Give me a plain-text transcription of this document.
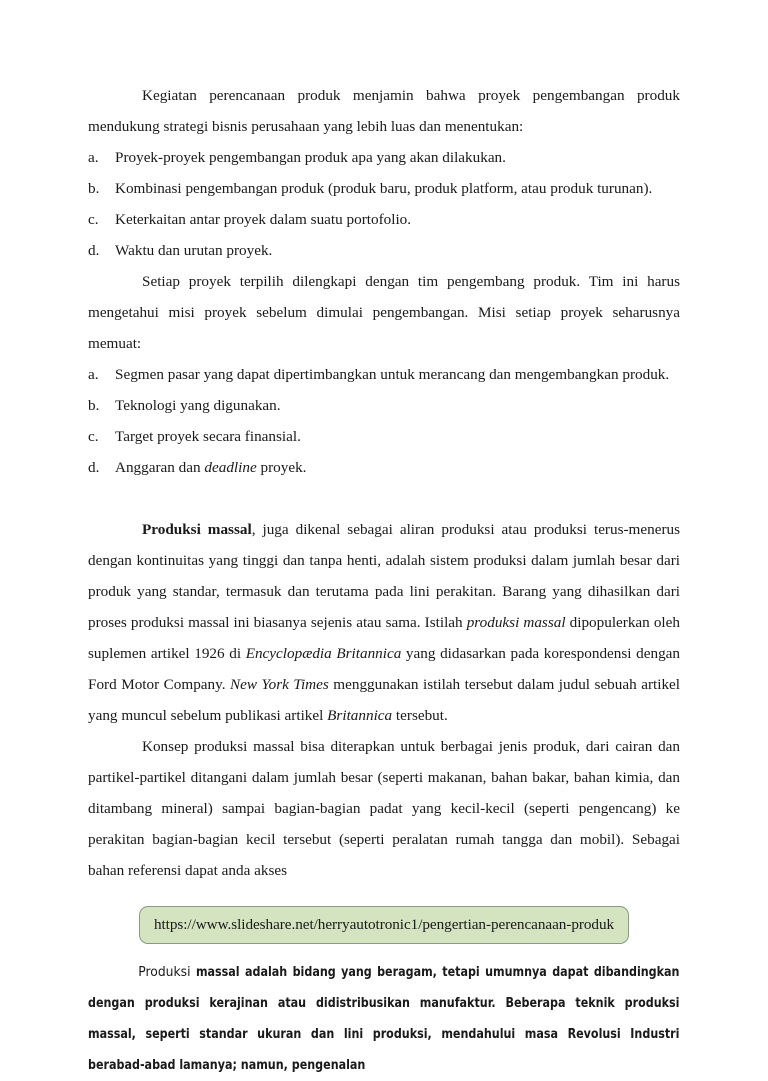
Kegiatan perencanaan produk menjamin bahwa proyek pengembangan produk mendukung strategi bisnis perusahaan yang lebih luas dan menentukan:

a.	Proyek-proyek pengembangan produk apa yang akan dilakukan.
b.	Kombinasi pengembangan produk (produk baru, produk platform, atau produk turunan).
c.	Keterkaitan antar proyek dalam suatu portofolio.
d.	Waktu dan urutan proyek.

Setiap proyek terpilih dilengkapi dengan tim pengembang produk. Tim ini harus mengetahui misi proyek sebelum dimulai pengembangan. Misi setiap proyek seharusnya memuat:

a.	Segmen pasar yang dapat dipertimbangkan untuk merancang dan mengembangkan produk.
b.	Teknologi yang digunakan.
c.	Target proyek secara finansial.
d.	Anggaran dan deadline proyek.

Produksi massal, juga dikenal sebagai aliran produksi atau produksi terus-menerus dengan kontinuitas yang tinggi dan tanpa henti, adalah sistem produksi dalam jumlah besar dari produk yang standar, termasuk dan terutama pada lini perakitan. Barang yang dihasilkan dari proses produksi massal ini biasanya sejenis atau sama. Istilah produksi massal dipopulerkan oleh suplemen artikel 1926 di Encyclopædia Britannica yang didasarkan pada korespondensi dengan Ford Motor Company. New York Times menggunakan istilah tersebut dalam judul sebuah artikel yang muncul sebelum publikasi artikel Britannica tersebut.

Konsep produksi massal bisa diterapkan untuk berbagai jenis produk, dari cairan dan partikel-partikel ditangani dalam jumlah besar (seperti makanan, bahan bakar, bahan kimia, dan ditambang mineral) sampai bagian-bagian padat yang kecil-kecil (seperti pengencang) ke perakitan bagian-bagian kecil tersebut (seperti peralatan rumah tangga dan mobil). Sebagai bahan referensi dapat anda akses

https://www.slideshare.net/herryautotronic1/pengertian-perencanaan-produk

Produksi massal adalah bidang yang beragam, tetapi umumnya dapat dibandingkan dengan produksi kerajinan atau didistribusikan manufaktur. Beberapa teknik produksi massal, seperti standar ukuran dan lini produksi, mendahului masa Revolusi Industri berabad-abad lamanya; namun, pengenalan
